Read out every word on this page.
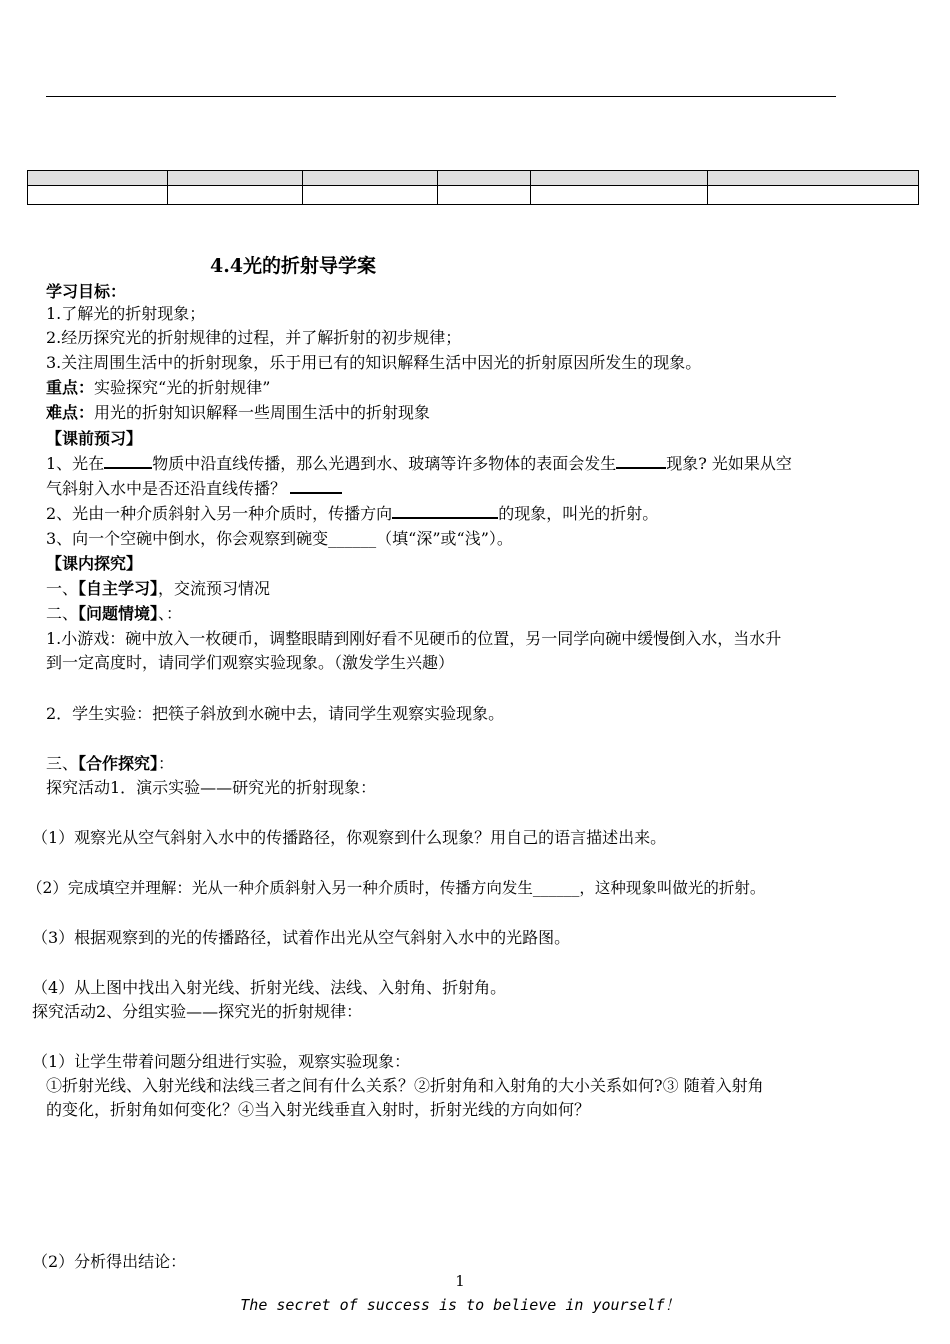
4.4光的折射导学案
学习目标：
1.了解光的折射现象；
2.经历探究光的折射规律的过程，并了解折射的初步规律；
3.关注周围生活中的折射现象，乐于用已有的知识解释生活中因光的折射原因所发生的现象。
重点：实验探究“光的折射规律”
难点：用光的折射知识解释一些周围生活中的折射现象
【课前预习】
1、光在	物质中沿直线传播，那么光遇到水、玻璃等许多物体的表面会发生	现象? 光如果从空
气斜射入水中是否还沿直线传播？
2、光由一种介质斜射入另一种介质时，传播方向	的现象，叫光的折射。
3、向一个空碗中倒水，你会观察到碗变______（填“深”或“浅”）。
【课内探究】
一、【自主学习】，交流预习情况
二、【问题情境】、：
1.小游戏：碗中放入一枚硬币，调整眼睛到刚好看不见硬币的位置，另一同学向碗中缓慢倒入水，当水升
到一定高度时，请同学们观察实验现象。（激发学生兴趣）
2．学生实验：把筷子斜放到水碗中去，请同学生观察实验现象。
三、【合作探究】：
探究活动1．演示实验——研究光的折射现象：
（1）观察光从空气斜射入水中的传播路径，你观察到什么现象？用自己的语言描述出来。
（2）完成填空并理解：光从一种介质斜射入另一种介质时，传播方向发生______，这种现象叫做光的折射。
（3）根据观察到的光的传播路径，试着作出光从空气斜射入水中的光路图。
（4）从上图中找出入射光线、折射光线、法线、入射角、折射角。
探究活动2、分组实验——探究光的折射规律：
（1）让学生带着问题分组进行实验，观察实验现象：
①折射光线、入射光线和法线三者之间有什么关系？②折射角和入射角的大小关系如何?③ 随着入射角
的变化，折射角如何变化？④当入射光线垂直入射时，折射光线的方向如何？
（2）分析得出结论：
1
The secret of success is to believe in yourself！
